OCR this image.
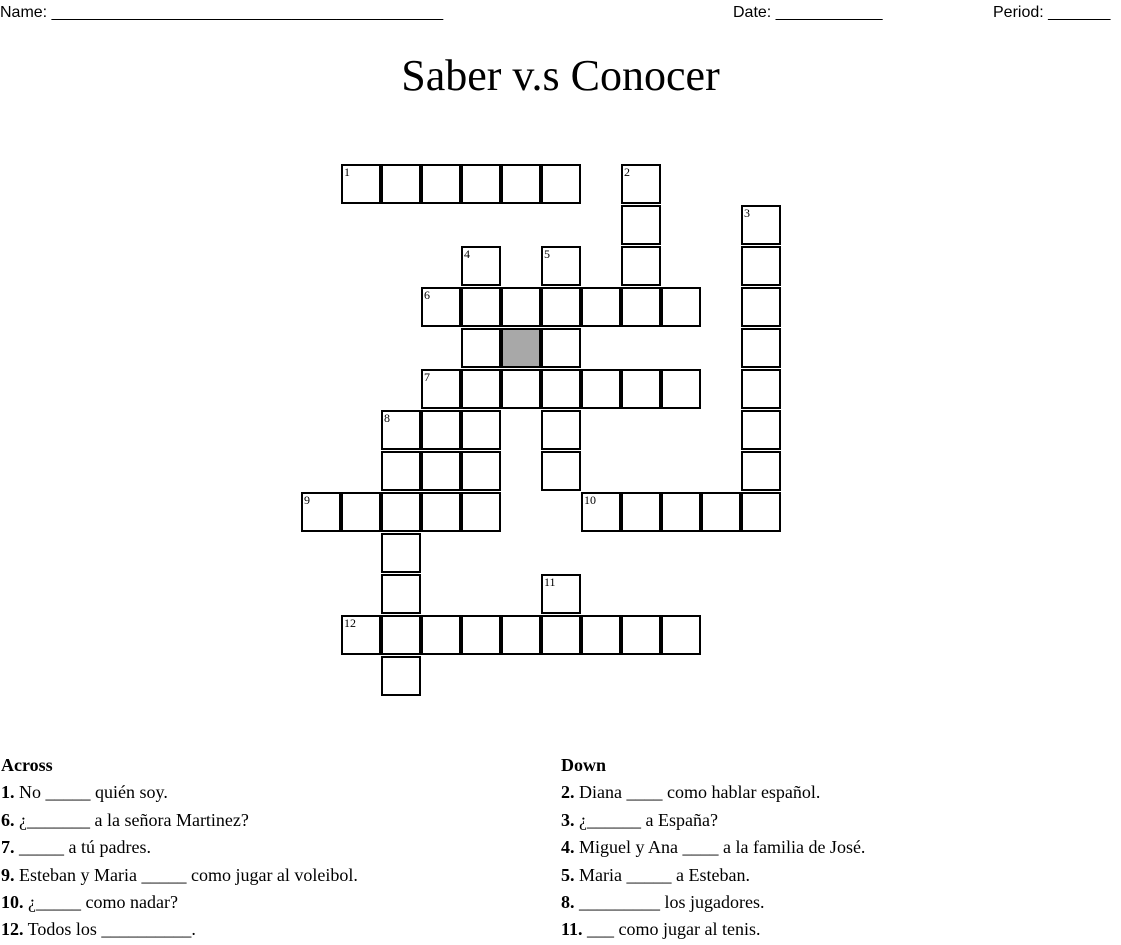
Name: ____________________________________________	Date: ____________	Period: _______
Saber v.s Conocer
1	2
3
4	5
6
7
8
9	10
11
12
Across
1. No _____ quién soy.
6. ¿_______ a la señora Martinez?
7. _____ a tú padres.
9. Esteban y Maria _____ como jugar al voleibol.
10. ¿_____ como nadar?
12. Todos los __________.
Down
2. Diana ____ como hablar español.
3. ¿______ a España?
4. Miguel y Ana ____ a la familia de José.
5. Maria _____ a Esteban.
8. _________ los jugadores.
11. ___ como jugar al tenis.
